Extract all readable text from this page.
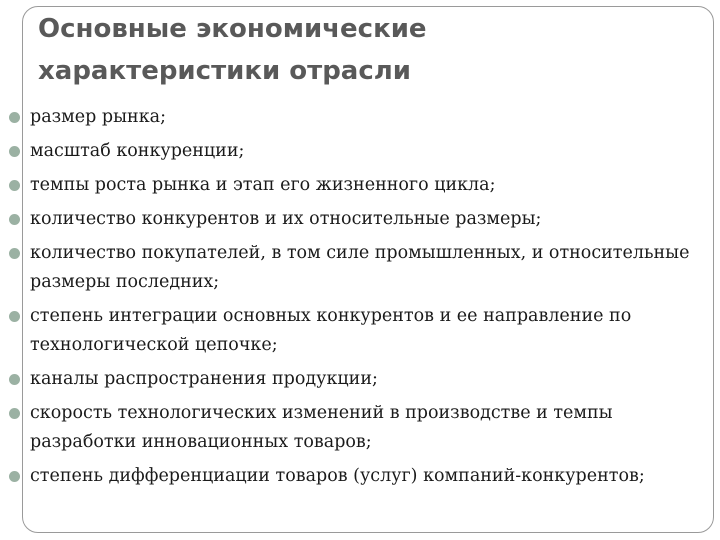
Основные экономические
характеристики отрасли
размер рынка;
масштаб конкуренции;
темпы роста рынка и этап его жизненного цикла;
количество конкурентов и их относительные размеры;
количество покупателей, в том силе промышленных, и относительные размеры последних;
степень интеграции основных конкурентов и ее направление по технологической цепочке;
каналы распространения продукции;
скорость технологических изменений в производстве и темпы разработки инновационных товаров;
степень дифференциации товаров (услуг) компаний-конкурентов;
